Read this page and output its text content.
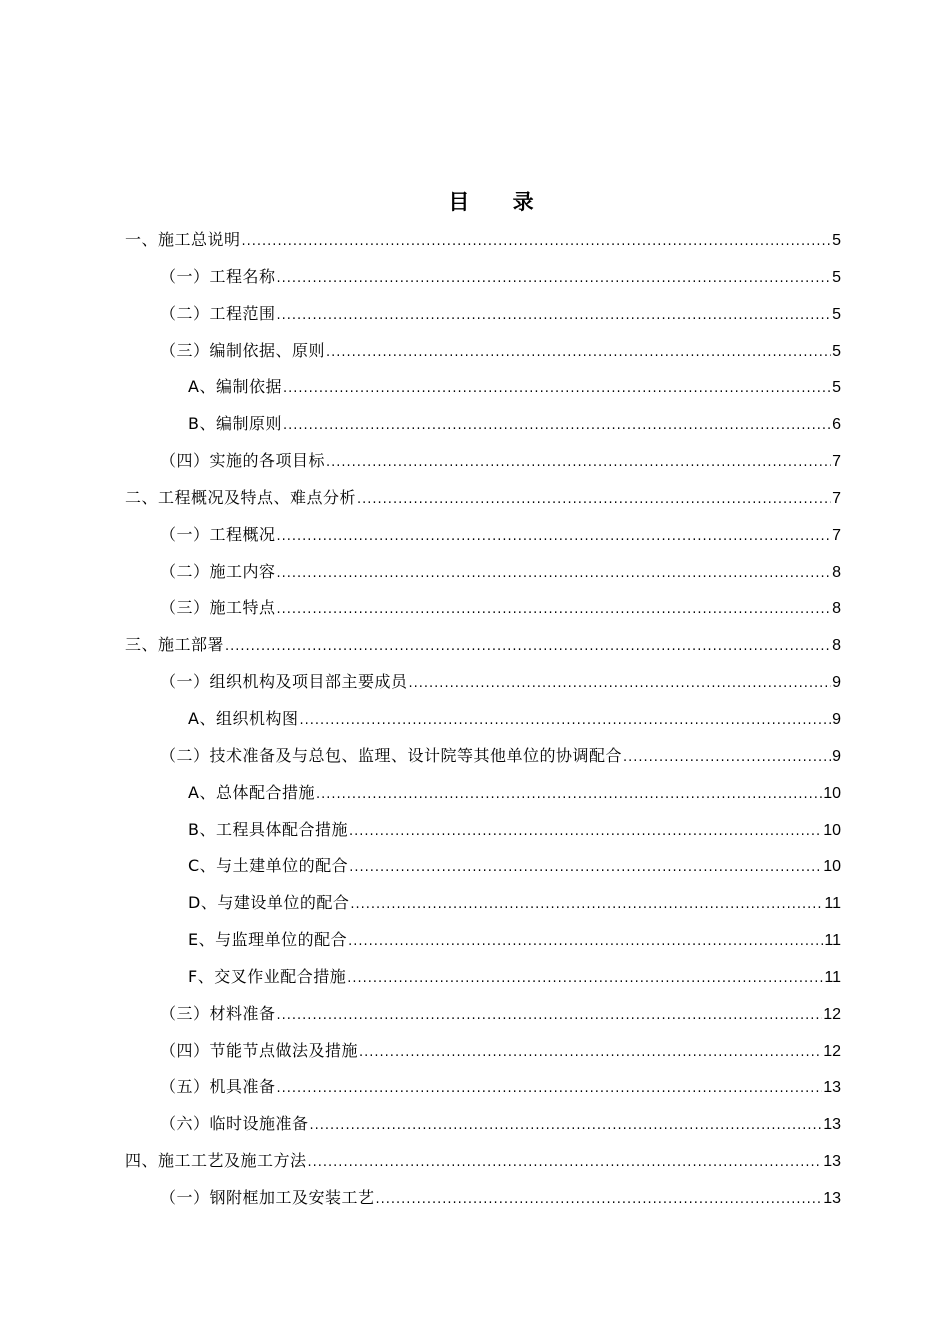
目 录
一、施工总说明 .....	5
（一）工程名称 .....	5
（二）工程范围 .....	5
（三）编制依据、原则 .....	5
A、编制依据 .....	5
B、编制原则 .....	6
（四）实施的各项目标 .....	7
二、工程概况及特点、难点分析 .....	7
（一）工程概况 .....	7
（二）施工内容 .....	8
（三）施工特点 .....	8
三、施工部署 .....	8
（一）组织机构及项目部主要成员 .....	9
A、组织机构图 .....	9
（二）技术准备及与总包、监理、设计院等其他单位的协调配合 .....	9
A、总体配合措施 .....	10
B、工程具体配合措施 .....	10
C、与土建单位的配合 .....	10
D、与建设单位的配合 .....	11
E、与监理单位的配合 .....	11
F、交叉作业配合措施 .....	11
（三）材料准备 .....	12
（四）节能节点做法及措施 .....	12
（五）机具准备 .....	13
（六）临时设施准备 .....	13
四、施工工艺及施工方法 .....	13
（一）钢附框加工及安装工艺 .....	13
